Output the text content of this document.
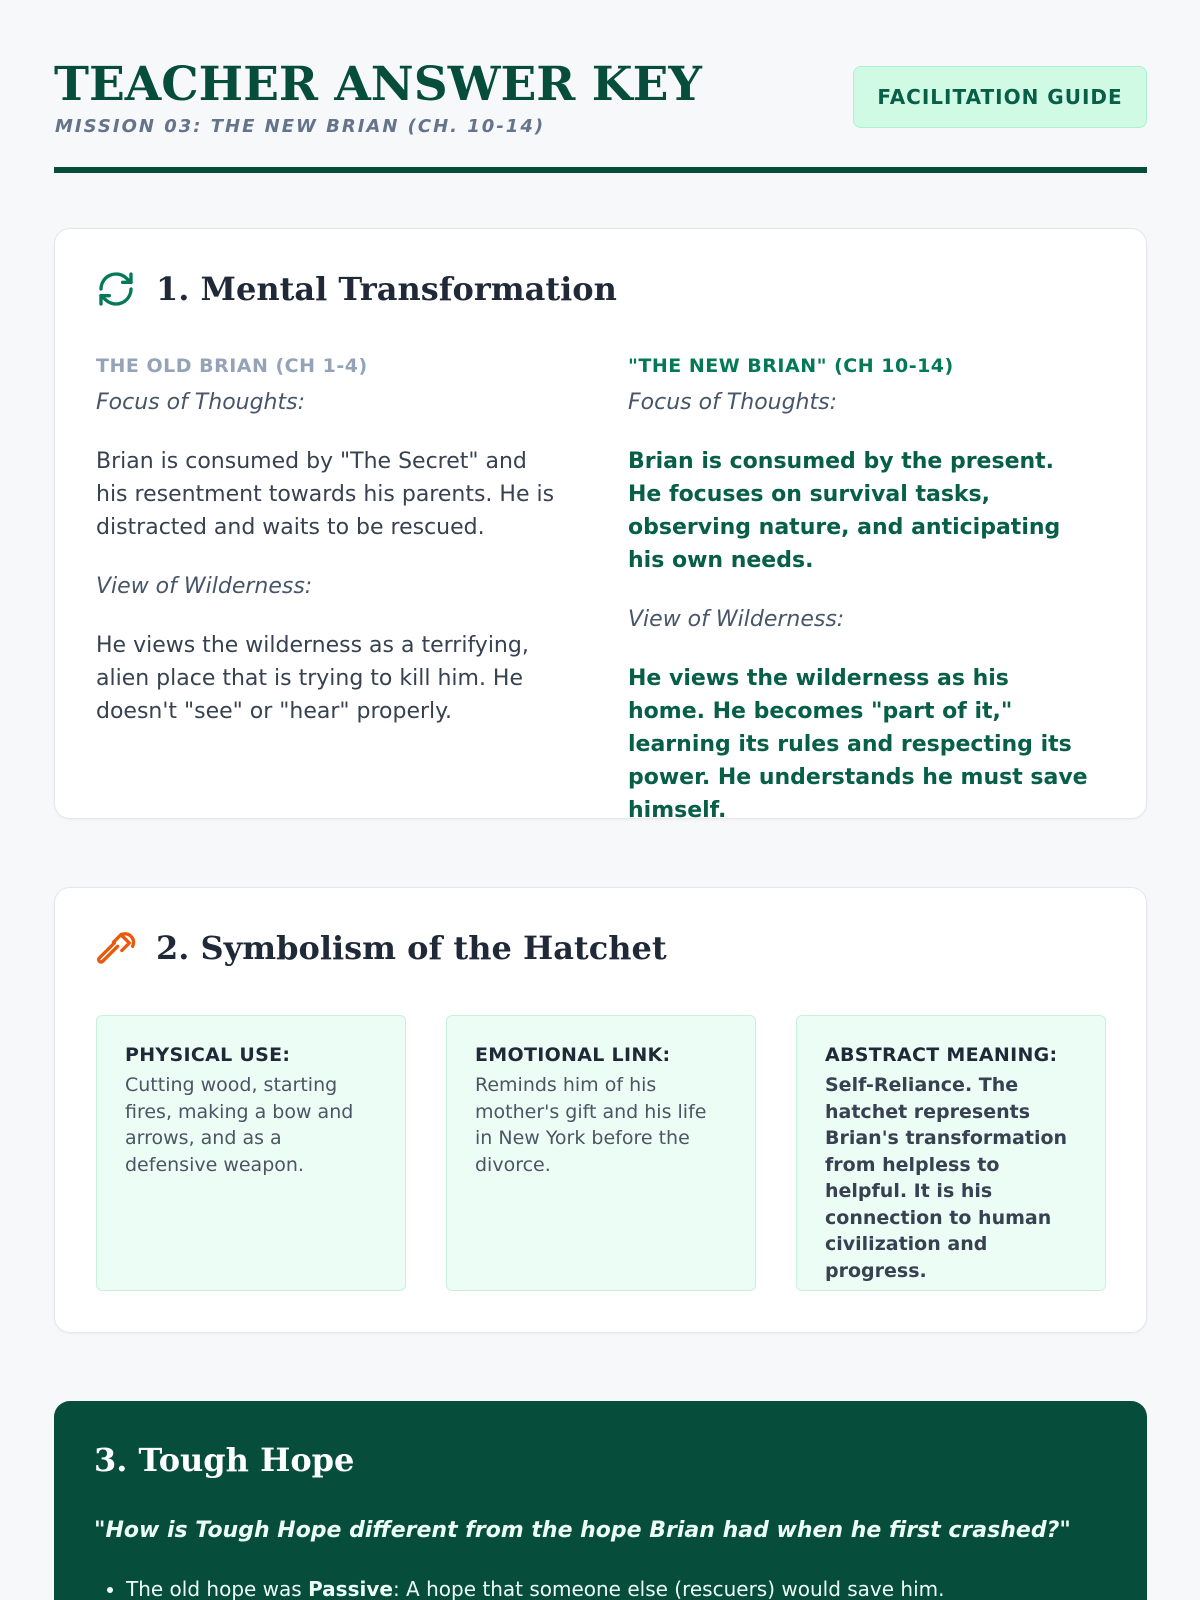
TEACHER ANSWER KEY
MISSION 03: THE NEW BRIAN (CH. 10-14)
FACILITATION GUIDE
1. Mental Transformation
THE OLD BRIAN (CH 1-4)
Focus of Thoughts:
Brian is consumed by "The Secret" and his resentment towards his parents. He is distracted and waits to be rescued.
View of Wilderness:
He views the wilderness as a terrifying, alien place that is trying to kill him. He doesn't "see" or "hear" properly.
"THE NEW BRIAN" (CH 10-14)
Focus of Thoughts:
Brian is consumed by the present. He focuses on survival tasks, observing nature, and anticipating his own needs.
View of Wilderness:
He views the wilderness as his home. He becomes "part of it," learning its rules and respecting its power. He understands he must save himself.
2. Symbolism of the Hatchet
PHYSICAL USE:
Cutting wood, starting fires, making a bow and arrows, and as a defensive weapon.
EMOTIONAL LINK:
Reminds him of his mother's gift and his life in New York before the divorce.
ABSTRACT MEANING:
Self-Reliance. The hatchet represents Brian's transformation from helpless to helpful. It is his connection to human civilization and progress.
3. Tough Hope
"How is Tough Hope different from the hope Brian had when he first crashed?"
• The old hope was Passive: A hope that someone else (rescuers) would save him.
